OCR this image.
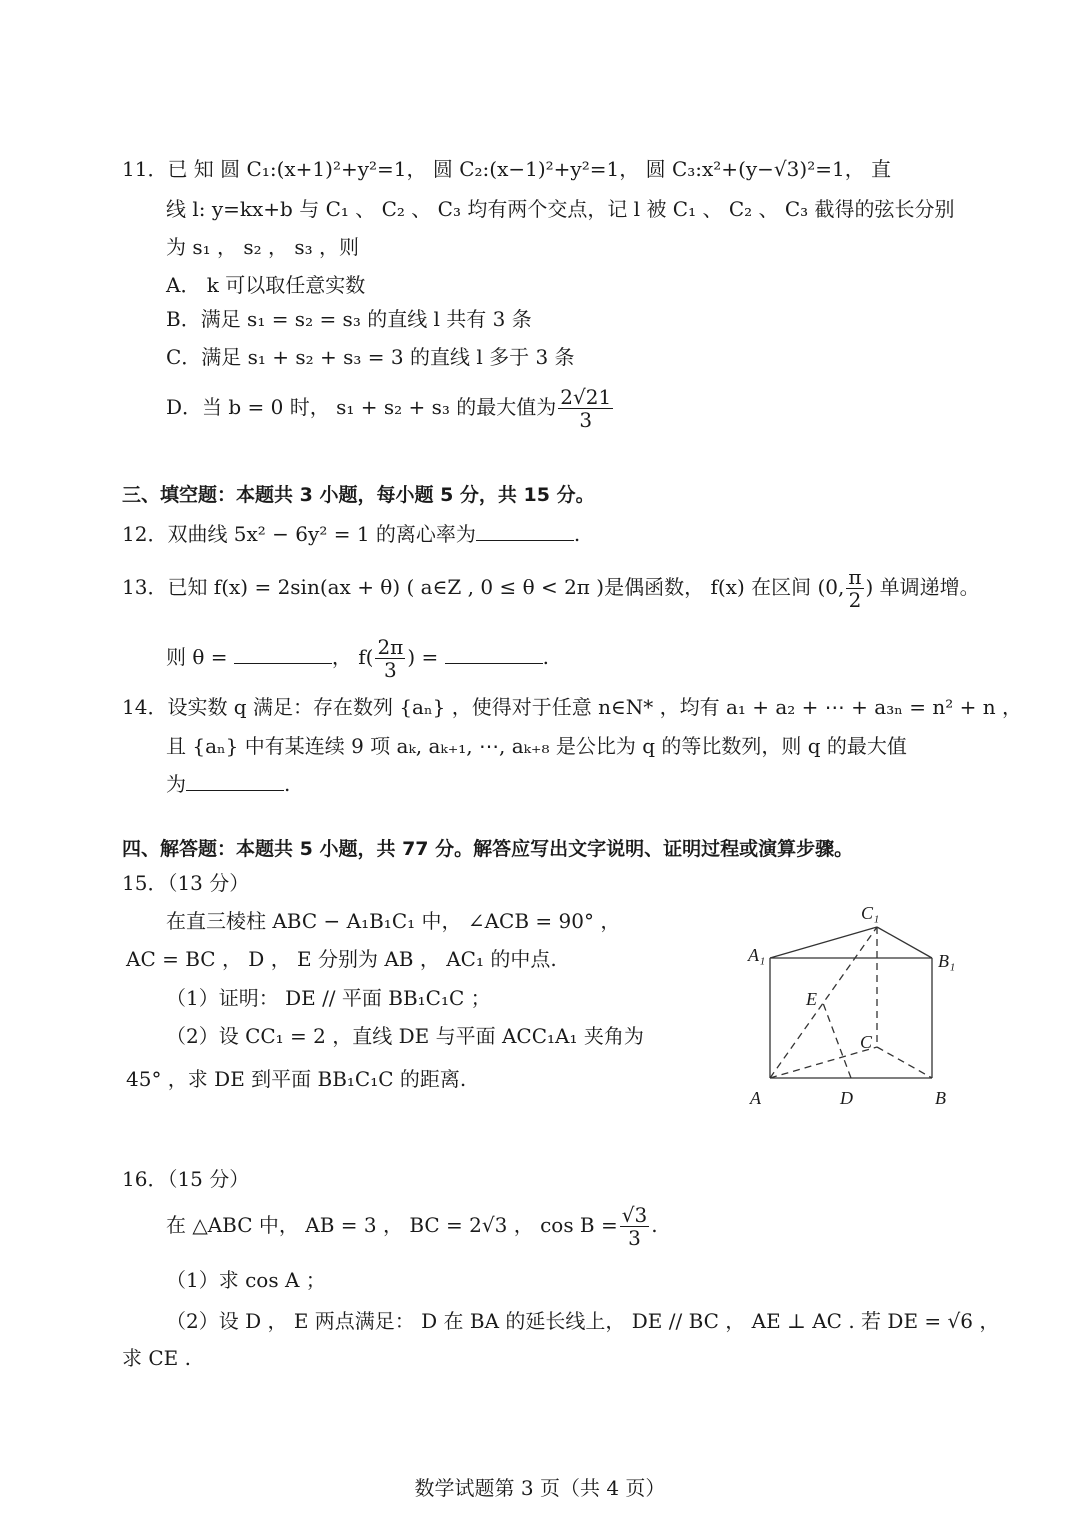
11．已 知 圆 C₁:(x+1)²+y²=1， 圆 C₂:(x−1)²+y²=1， 圆 C₃:x²+(y−√3)²=1， 直
线 l: y=kx+b 与 C₁ 、 C₂ 、 C₃ 均有两个交点，记 l 被 C₁ 、 C₂ 、 C₃ 截得的弦长分别
为 s₁ ， s₂ ， s₃ ，则
A． k 可以取任意实数
B．满足 s₁ = s₂ = s₃ 的直线 l 共有 3 条
C．满足 s₁ + s₂ + s₃ = 3 的直线 l 多于 3 条
D．当 b = 0 时， s₁ + s₂ + s₃ 的最大值为 $\frac{2√21}{3}$
三、填空题：本题共 3 小题，每小题 5 分，共 15 分。
12．双曲线 5x² − 6y² = 1 的离心率为	.
13．已知 f(x) = 2sin(ax + θ) ( a∈Z , 0 ≤ θ < 2π )是偶函数， f(x) 在区间 (0, $\frac{\pi}{2}$ ) 单调递增。
则 θ =	， $f( \frac{2\pi}{3}$ ) =	.
14．设实数 q 满足：存在数列 {aₙ} ，使得对于任意 n∈N* ，均有 a₁ + a₂ + ⋯ + a₃ₙ = n² + n ，
且 {aₙ} 中有某连续 9 项 aₖ, aₖ₊₁, ⋯, aₖ₊₈ 是公比为 q 的等比数列，则 q 的最大值
为	.
四、解答题：本题共 5 小题，共 77 分。解答应写出文字说明、证明过程或演算步骤。
15．（13 分）
在直三棱柱 ABC − A₁B₁C₁ 中， ∠ACB = 90° ，
AC = BC ， D ， E 分别为 AB ， AC₁ 的中点.
（1）证明： DE // 平面 BB₁C₁C ；
（2）设 CC₁ = 2 ，直线 DE 与平面 ACC₁A₁ 夹角为
45° ，求 DE 到平面 BB₁C₁C 的距离.
C₁
A₁	B₁
E
C
A	D	B
16．（15 分）
在 △ABC 中， AB = 3 ， BC = 2√3 ， $\cos B = \frac{√3}{3}$ .
（1）求 cos A ；
（2）设 D ， E 两点满足： D 在 BA 的延长线上， DE // BC ， AE ⊥ AC . 若 DE = √6 ，
求 CE .
数学试题第 3 页（共 4 页）
